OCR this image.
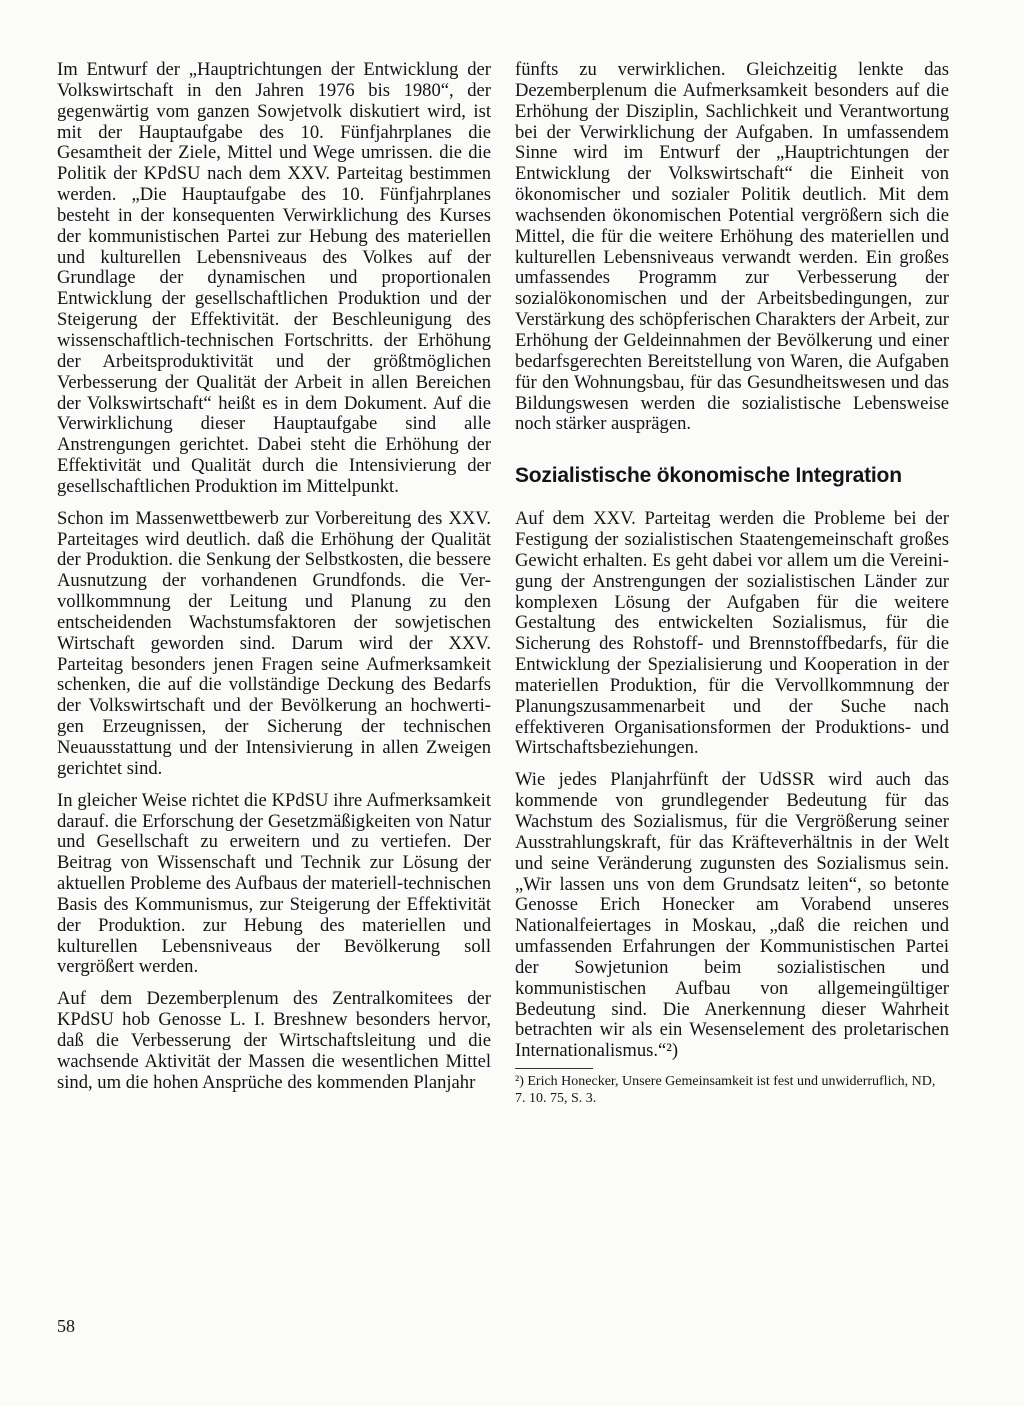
Im Entwurf der „Hauptrichtungen der Entwicklung der Volkswirtschaft in den Jahren 1976 bis 1980“, der gegenwärtig vom ganzen Sowjetvolk diskutiert wird, ist mit der Hauptaufgabe des 10. Fünfjahrplanes die Gesamtheit der Ziele, Mittel und Wege umrissen. die die Politik der KPdSU nach dem XXV. Parteitag bestimmen werden. „Die Hauptaufgabe des 10. Fünfjahrplanes besteht in der konsequenten Verwirklichung des Kurses der kommunistischen Partei zur Hebung des materiellen und kulturellen Lebensniveaus des Volkes auf der Grundlage der dynamischen und proportionalen Entwicklung der gesellschaftlichen Produktion und der Steigerung der Effektivität. der Beschleunigung des wissenschaftlich-technischen Fortschritts. der Erhöhung der Arbeitsproduktivität und der größtmöglichen Verbesserung der Qualität der Arbeit in allen Bereichen der Volkswirtschaft“ heißt es in dem Dokument. Auf die Verwirklichung dieser Hauptaufgabe sind alle Anstrengungen gerichtet. Dabei steht die Erhöhung der Effektivität und Qualität durch die Intensivierung der gesellschaftlichen Produktion im Mittelpunkt.

Schon im Massenwettbewerb zur Vorbereitung des XXV. Parteitages wird deutlich. daß die Erhöhung der Qualität der Produktion. die Senkung der Selbstkosten, die bessere Ausnutzung der vorhandenen Grundfonds. die Vervollkommnung der Leitung und Planung zu den entscheidenden Wachstumsfaktoren der sowjetischen Wirtschaft geworden sind. Darum wird der XXV. Parteitag besonders jenen Fragen seine Aufmerksamkeit schenken, die auf die vollständige Deckung des Bedarfs der Volkswirtschaft und der Bevölkerung an hochwertigen Erzeugnissen, der Sicherung der technischen Neuausstattung und der Intensivierung in allen Zweigen gerichtet sind.

In gleicher Weise richtet die KPdSU ihre Aufmerksamkeit darauf. die Erforschung der Gesetzmäßigkeiten von Natur und Gesellschaft zu erweitern und zu vertiefen. Der Beitrag von Wissenschaft und Technik zur Lösung der aktuellen Probleme des Aufbaus der materiell-technischen Basis des Kommunismus, zur Steigerung der Effektivität der Produktion. zur Hebung des materiellen und kulturellen Lebensniveaus der Bevölkerung soll vergrößert werden.

Auf dem Dezemberplenum des Zentralkomitees der KPdSU hob Genosse L. I. Breshnew besonders hervor, daß die Verbesserung der Wirtschaftsleitung und die wachsende Aktivität der Massen die wesentlichen Mittel sind, um die hohen Ansprüche des kommenden Planjahr

fünfts zu verwirklichen. Gleichzeitig lenkte das Dezemberplenum die Aufmerksamkeit besonders auf die Erhöhung der Disziplin, Sachlichkeit und Verantwortung bei der Verwirklichung der Aufgaben. In umfassendem Sinne wird im Entwurf der „Hauptrichtungen der Entwicklung der Volkswirtschaft“ die Einheit von ökonomischer und sozialer Politik deutlich. Mit dem wachsenden ökonomischen Potential vergrößern sich die Mittel, die für die weitere Erhöhung des materiellen und kulturellen Lebensniveaus verwandt werden. Ein großes umfassendes Programm zur Verbesserung der sozialökonomischen und der Arbeitsbedingungen, zur Verstärkung des schöpferischen Charakters der Arbeit, zur Erhöhung der Geldeinnahmen der Bevölkerung und einer bedarfsgerechten Bereitstellung von Waren, die Aufgaben für den Wohnungsbau, für das Gesundheitswesen und das Bildungswesen werden die sozialistische Lebensweise noch stärker ausprägen.

Sozialistische ökonomische Integration

Auf dem XXV. Parteitag werden die Probleme bei der Festigung der sozialistischen Staatengemeinschaft großes Gewicht erhalten. Es geht dabei vor allem um die Vereinigung der Anstrengungen der sozialistischen Länder zur komplexen Lösung der Aufgaben für die weitere Gestaltung des entwickelten Sozialismus, für die Sicherung des Rohstoff- und Brennstoffbedarfs, für die Entwicklung der Spezialisierung und Kooperation in der materiellen Produktion, für die Vervollkommnung der Planungszusammenarbeit und der Suche nach effektiveren Organisationsformen der Produktions- und Wirtschaftsbeziehungen.

Wie jedes Planjahrfünft der UdSSR wird auch das kommende von grundlegender Bedeutung für das Wachstum des Sozialismus, für die Vergrößerung seiner Ausstrahlungskraft, für das Kräfteverhältnis in der Welt und seine Veränderung zugunsten des Sozialismus sein. „Wir lassen uns von dem Grundsatz leiten“, so betonte Genosse Erich Honecker am Vorabend unseres Nationalfeiertages in Moskau, „daß die reichen und umfassenden Erfahrungen der Kommunistischen Partei der Sowjetunion beim sozialistischen und kommunistischen Aufbau von allgemeingültiger Bedeutung sind. Die Anerkennung dieser Wahrheit betrachten wir als ein Wesenselement des proletarischen Internationalismus.“²)

²) Erich Honecker, Unsere Gemeinsamkeit ist fest und unwiderruflich, ND, 7. 10. 75, S. 3.

58
